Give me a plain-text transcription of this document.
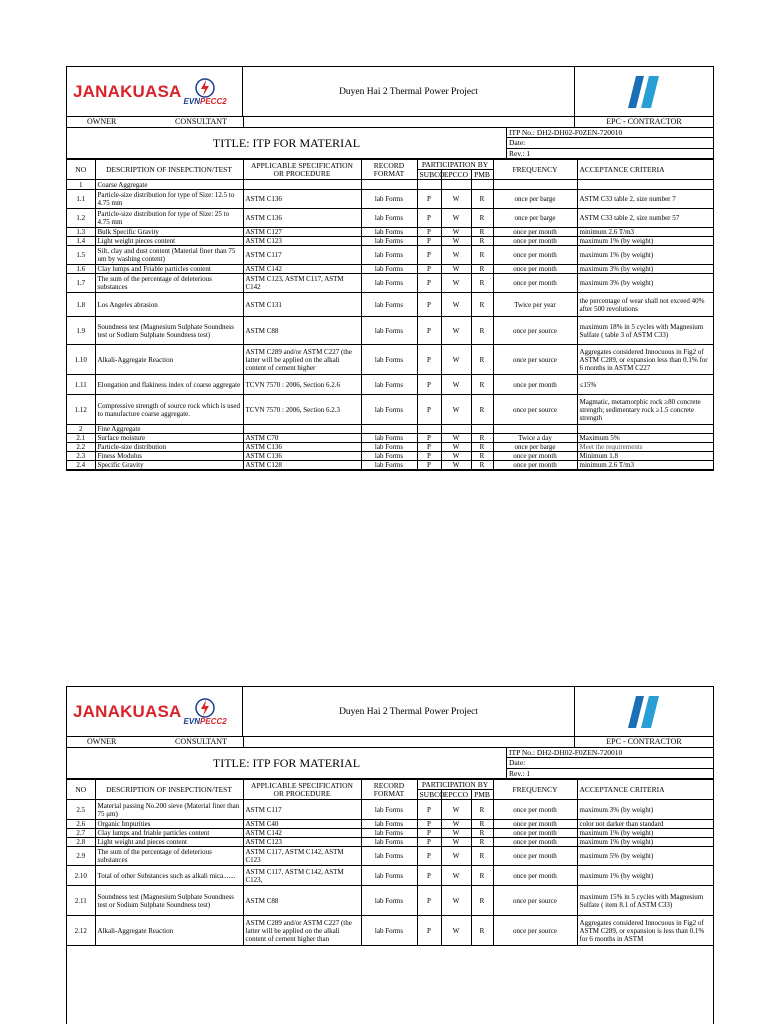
JANAKUASA
EVNPECC2
Duyen Hai 2 Thermal Power Project
OWNER	CONSULTANT	EPC - CONTRACTOR
TITLE: ITP FOR MATERIAL
ITP No.: DH2-DH02-F0ZEN-720010
Date:
Rev.: 1
NO	DESCRIPTION OF INSEPCTION/TEST	APPLICABLE SPECIFICATION OR PROCEDURE	RECORD FORMAT	PARTICIPATION BY			FREQUENCY	ACCEPTANCE CRITERIA
				SUBCO	EPCCO	PMB		
1	Coarse Aggregate							
1.1	Particle-size distribution for type of Size: 12.5 to 4.75 mm	ASTM C136	lab Forms	P	W	R	once per barge	ASTM C33 table 2, size number 7
1.2	Particle-size distribution for type of Size: 25 to 4.75 mm	ASTM C136	lab Forms	P	W	R	once per barge	ASTM C33 table 2, size number 57
1.3	Bulk Specific Gravity	ASTM C127	lab Forms	P	W	R	once per month	minimum 2.6 T/m3
1.4	Light weight pieces content	ASTM C123	lab Forms	P	W	R	once per month	maximum 1% (by weight)
1.5	Silt, clay and dust content (Material finer than 75 um by washing content)	ASTM C117	lab Forms	P	W	R	once per month	maximum 1% (by weight)
1.6	Clay lumps and Friable particles content	ASTM C142	lab Forms	P	W	R	once per month	maximum 3% (by weight)
1.7	The sum of the percentage of deleterious substances	ASTM C123, ASTM C117, ASTM C142	lab Forms	P	W	R	once per month	maximum 3% (by weight)
1.8	Los Angeles abrasion	ASTM C131	lab Forms	P	W	R	Twice per year	the percentage of wear shall not exceed 40% after 500 revolutions
1.9	Soundness test (Magnesium Sulphate Soundness test or Sodium Sulphate Soundness test)	ASTM C88	lab Forms	P	W	R	once per source	maximum 18% in 5 cycles with Magnesium Sulfate ( table 3 of ASTM C33)
1.10	Alkali-Aggregate Reaction	ASTM C289 and/or ASTM C227 (the latter will be applied on the alkali content of cement higher	lab Forms	P	W	R	once per source	Aggregates considered Innocuous in Fig2 of ASTM C289, or expansion less than 0.1% for 6 months in ASTM C227
1.11	Elongation and flakiness index of coarse aggregate	TCVN 7570 : 2006, Section 6.2.6	lab Forms	P	W	R	once per month	≤15%
1.12	Compressive strength of source rock which is used to manufacture coarse aggregate.	TCVN 7570 : 2006, Section 6.2.3	lab Forms	P	W	R	once per source	Magmatic, metamorphic rock ≥80 concrete strength; sedimentary rock ≥1.5 concrete strength
2	Fine Aggregate							
2.1	Surface moisture	ASTM C70	lab Forms	P	W	R	Twice a day	Maximum 5%
2.2	Particle-size distribution	ASTM C136	lab Forms	P	W	R	once per barge	Meet the requirements
2.3	Finess Modulus	ASTM C136	lab Forms	P	W	R	once per month	Minimum 1.8
2.4	Specific Gravity	ASTM C128	lab Forms	P	W	R	once per month	minimum 2.6 T/m3
JANAKUASA
EVNPECC2
Duyen Hai 2 Thermal Power Project
OWNER	CONSULTANT	EPC - CONTRACTOR
TITLE: ITP FOR MATERIAL
ITP No.: DH2-DH02-F0ZEN-720010
Date:
Rev.: 1
NO	DESCRIPTION OF INSEPCTION/TEST	APPLICABLE SPECIFICATION OR PROCEDURE	RECORD FORMAT	PARTICIPATION BY			FREQUENCY	ACCEPTANCE CRITERIA
				SUBCO	EPCCO	PMB		
2.5	Material passing No.200 sieve (Material finer than 75 μm)	ASTM C117	lab Forms	P	W	R	once per month	maximum 3% (by weight)
2.6	Organic Impurities	ASTM C40	lab Forms	P	W	R	once per month	color not darker than standard
2.7	Clay lumps and friable particles content	ASTM C142	lab Forms	P	W	R	once per month	maximum 1% (by weight)
2.8	Light weight and pieces content	ASTM C123	lab Forms	P	W	R	once per month	maximum 1% (by weight)
2.9	The sum of the percentage of deleterious substances	ASTM C117, ASTM C142, ASTM C123	lab Forms	P	W	R	once per month	maximum 5% (by weight)
2.10	Total of other Substances such as alkali mica.......	ASTM C117, ASTM C142, ASTM C123,	lab Forms	P	W	R	once per month	maximum 1% (by weight)
2.11	Soundness test (Magnesium Sulphate Soundness test or Sodium Sulphate Soundness test)	ASTM C88	lab Forms	P	W	R	once per source	maximum 15% in 5 cycles with Magnesium Sulfate ( item 8.1 of ASTM C33)
2.12	Alkali-Aggregate Reaction	ASTM C289 and/or ASTM C227 (the latter will be applied on the alkali content of cement higher than	lab Forms	P	W	R	once per source	Aggregates considered Innocuous in Fig2 of ASTM C289, or expansion is less than 0.1% for 6 months in ASTM
